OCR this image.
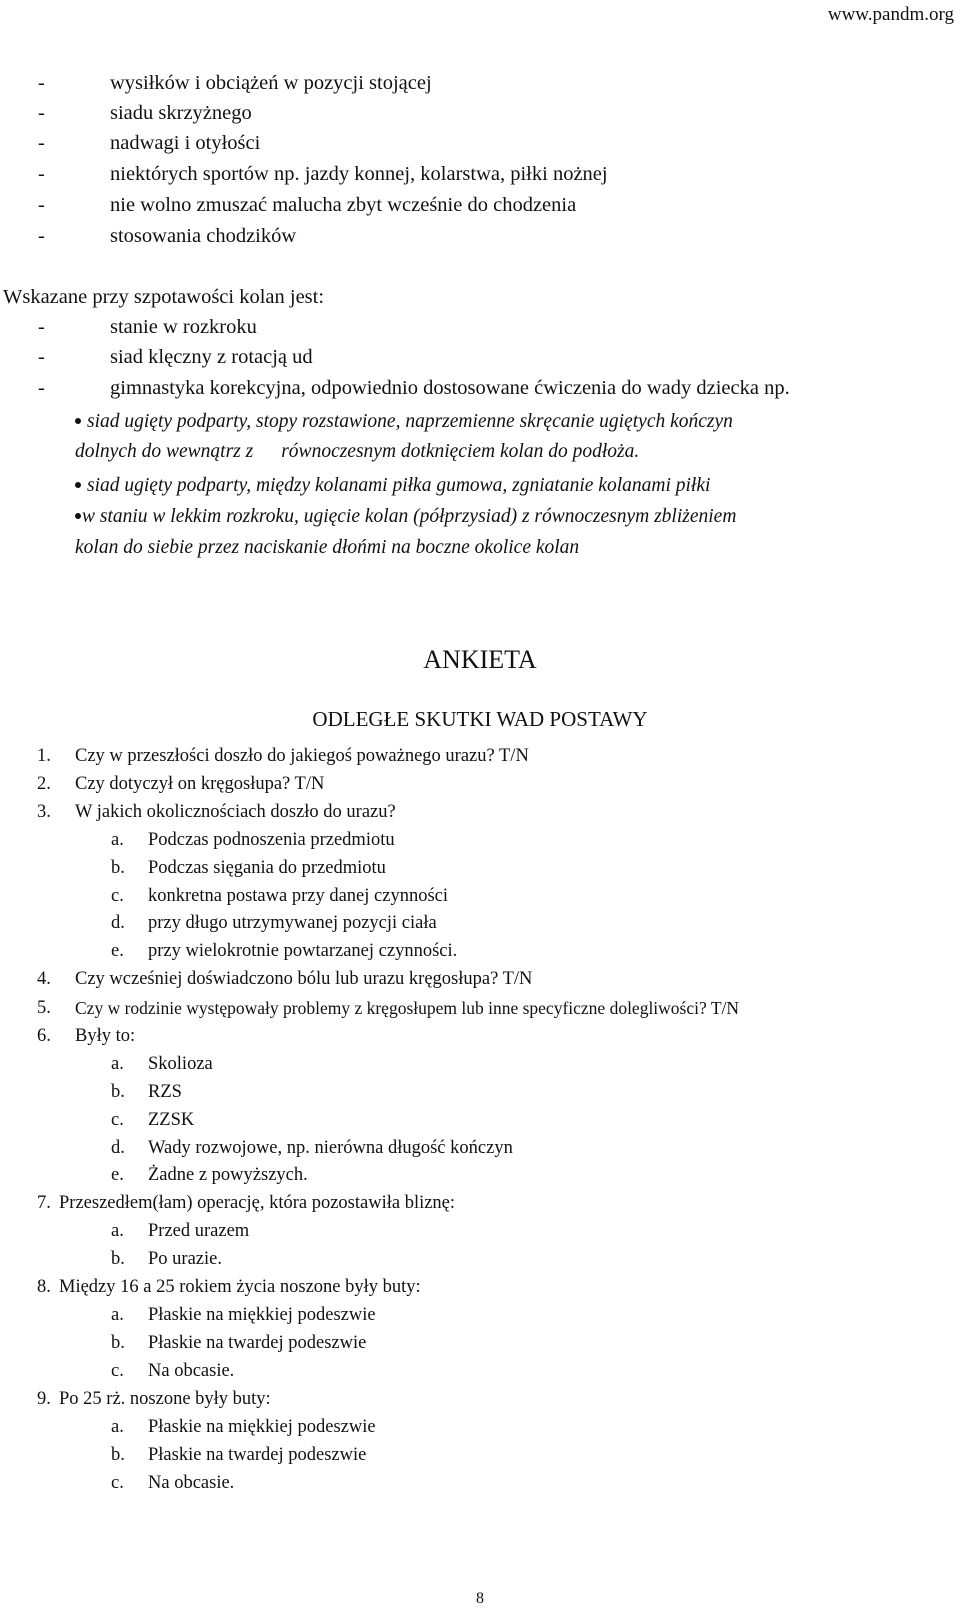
www.pandm.org
-	wysiłków i obciążeń w pozycji stojącej
-	siadu skrzyżnego
-	nadwagi i otyłości
-	niektórych sportów np. jazdy konnej, kolarstwa, piłki nożnej
-	nie wolno zmuszać malucha zbyt wcześnie do chodzenia
-	stosowania chodzików
Wskazane przy szpotawości kolan jest:
-	stanie w rozkroku
-	siad klęczny z rotacją ud
-	gimnastyka korekcyjna, odpowiednio dostosowane ćwiczenia do wady dziecka np.
siad ugięty podparty, stopy rozstawione, naprzemienne skręcanie ugiętych kończyn
dolnych do wewnątrz z równoczesnym dotknięciem kolan do podłoża.
siad ugięty podparty, między kolanami piłka gumowa, zgniatanie kolanami piłki
w staniu w lekkim rozkroku, ugięcie kolan (półprzysiad) z równoczesnym zbliżeniem
kolan do siebie przez naciskanie dłońmi na boczne okolice kolan
ANKIETA
ODLEGŁE SKUTKI WAD POSTAWY
1. Czy w przeszłości doszło do jakiegoś poważnego urazu? T/N
2. Czy dotyczył on kręgosłupa? T/N
3. W jakich okolicznościach doszło do urazu?
a. Podczas podnoszenia przedmiotu
b. Podczas sięgania do przedmiotu
c. konkretna postawa przy danej czynności
d. przy długo utrzymywanej pozycji ciała
e. przy wielokrotnie powtarzanej czynności.
4. Czy wcześniej doświadczono bólu lub urazu kręgosłupa? T/N
5. Czy w rodzinie występowały problemy z kręgosłupem lub inne specyficzne dolegliwości? T/N
6. Były to:
a. Skolioza
b. RZS
c. ZZSK
d. Wady rozwojowe, np. nierówna długość kończyn
e. Żadne z powyższych.
7. Przeszedłem(łam) operację, która pozostawiła bliznę:
a. Przed urazem
b. Po urazie.
8. Między 16 a 25 rokiem życia noszone były buty:
a. Płaskie na miękkiej podeszwie
b. Płaskie na twardej podeszwie
c. Na obcasie.
9. Po 25 rż. noszone były buty:
a. Płaskie na miękkiej podeszwie
b. Płaskie na twardej podeszwie
c. Na obcasie.
8
